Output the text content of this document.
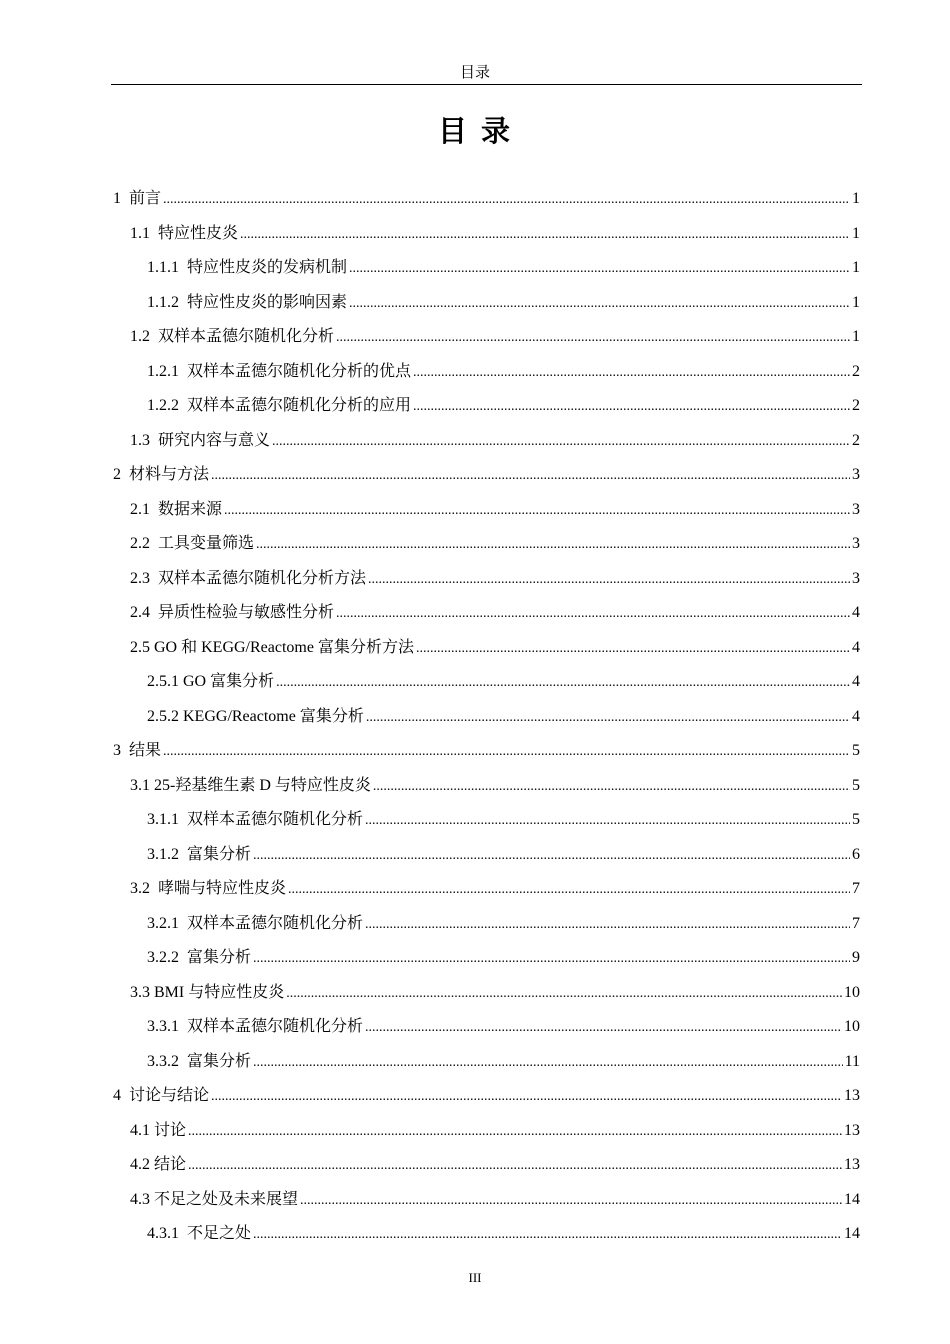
目录
目 录
1  前言 .....	1
1.1  特应性皮炎 .....	1
1.1.1  特应性皮炎的发病机制 .....	1
1.1.2  特应性皮炎的影响因素 .....	1
1.2  双样本孟德尔随机化分析 .....	1
1.2.1  双样本孟德尔随机化分析的优点 .....	2
1.2.2  双样本孟德尔随机化分析的应用 .....	2
1.3  研究内容与意义 .....	2
2  材料与方法 .....	3
2.1  数据来源 .....	3
2.2  工具变量筛选 .....	3
2.3  双样本孟德尔随机化分析方法 .....	3
2.4  异质性检验与敏感性分析 .....	4
2.5 GO 和 KEGG/Reactome 富集分析方法 .....	4
2.5.1 GO 富集分析 .....	4
2.5.2 KEGG/Reactome 富集分析 .....	4
3  结果 .....	5
3.1 25-羟基维生素 D 与特应性皮炎 .....	5
3.1.1  双样本孟德尔随机化分析 .....	5
3.1.2  富集分析 .....	6
3.2  哮喘与特应性皮炎 .....	7
3.2.1  双样本孟德尔随机化分析 .....	7
3.2.2  富集分析 .....	9
3.3 BMI 与特应性皮炎 .....	10
3.3.1  双样本孟德尔随机化分析 .....	10
3.3.2  富集分析 .....	11
4  讨论与结论 .....	13
4.1 讨论 .....	13
4.2 结论 .....	13
4.3 不足之处及未来展望 .....	14
4.3.1  不足之处 .....	14
III
